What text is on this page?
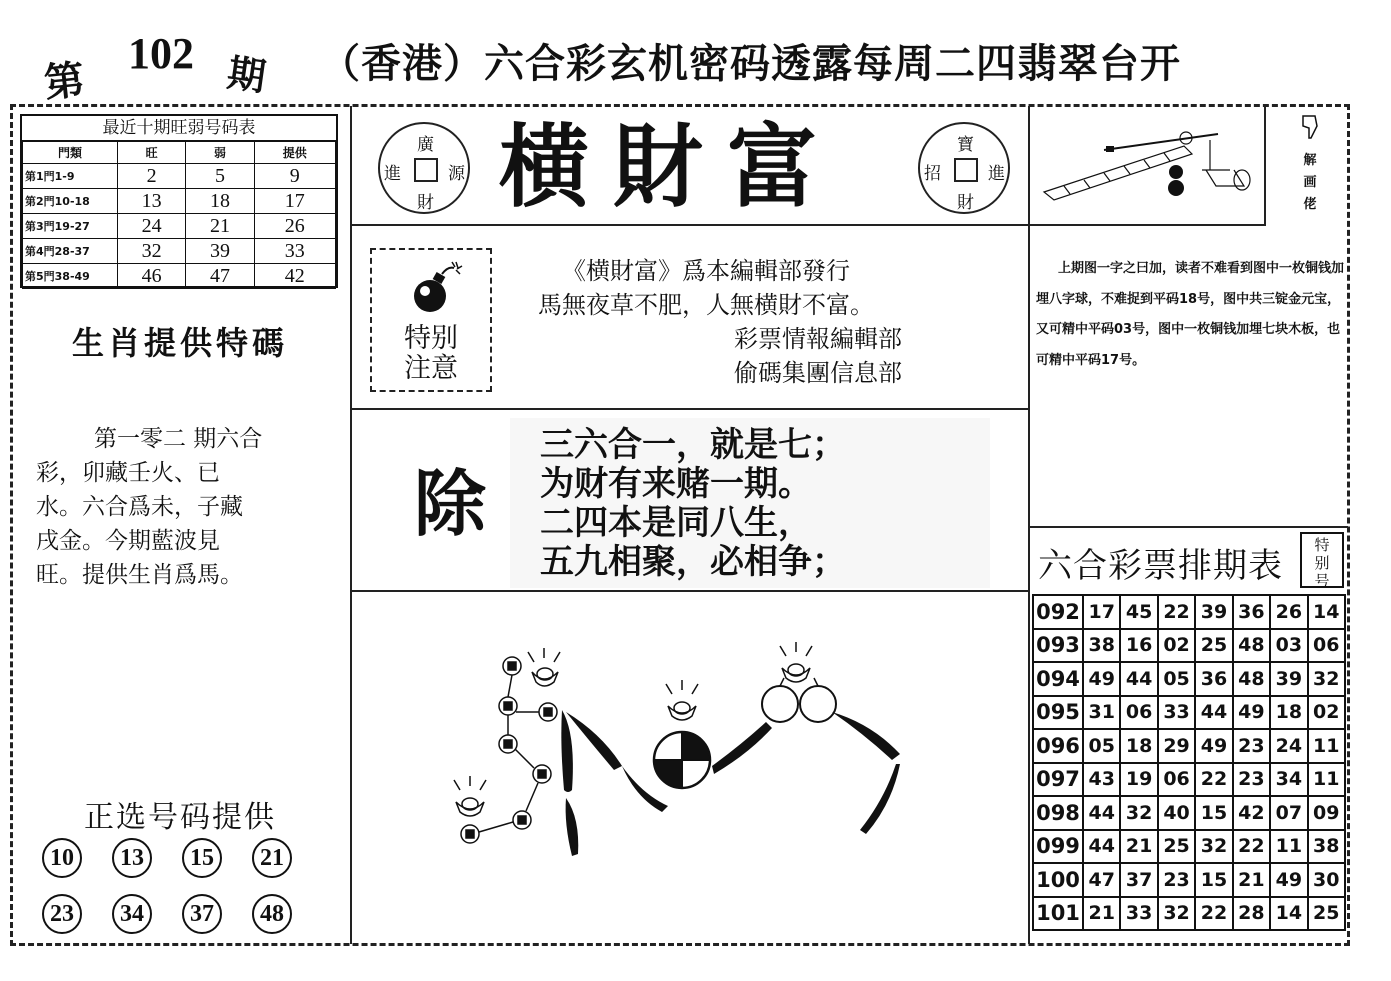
第
102 期 （香港）六合彩玄机密码透露每周二四翡翠台开
最近十期旺弱号码表
門類	旺	弱	提供
第1門1-9	2	5	9
第2門10-18	13	18	17
第3門19-27	24	21	26
第4門28-37	32	39	33
第5門38-49	46	47	42
生肖提供特碼
第一零二 期六合
彩，卯藏壬火、已
水。六合爲未，子藏
戌金。今期藍波見
旺。提供生肖爲馬。
正选号码提供
10	13	15	21
23	34	37	48
廣
進	源
財 横財富	寶
招	進
財
特别
注意
《横財富》爲本編輯部發行
馬無夜草不肥，人無横財不富。
彩票情報編輯部
偷碼集團信息部
除
三六合一，就是七；
为财有来赌一期。
二四本是同八生，
五九相聚，必相争；
解
画
佬

上期图一字之曰加，读者不难看到图中一枚铜钱加埋八字球，不难捉到平码18号，图中共三锭金元宝，又可精中平码03号，图中一枚铜钱加埋七块木板，也可精中平码17号。

六合彩票排期表
特
别
号
092	17	45	22	39	36	26	14
093	38	16	02	25	48	03	06
094	49	44	05	36	48	39	32
095	31	06	33	44	49	18	02
096	05	18	29	49	23	24	11
097	43	19	06	22	23	34	11
098	44	32	40	15	42	07	09
099	44	21	25	32	22	11	38
100	47	37	23	15	21	49	30
101	21	33	32	22	28	14	25
